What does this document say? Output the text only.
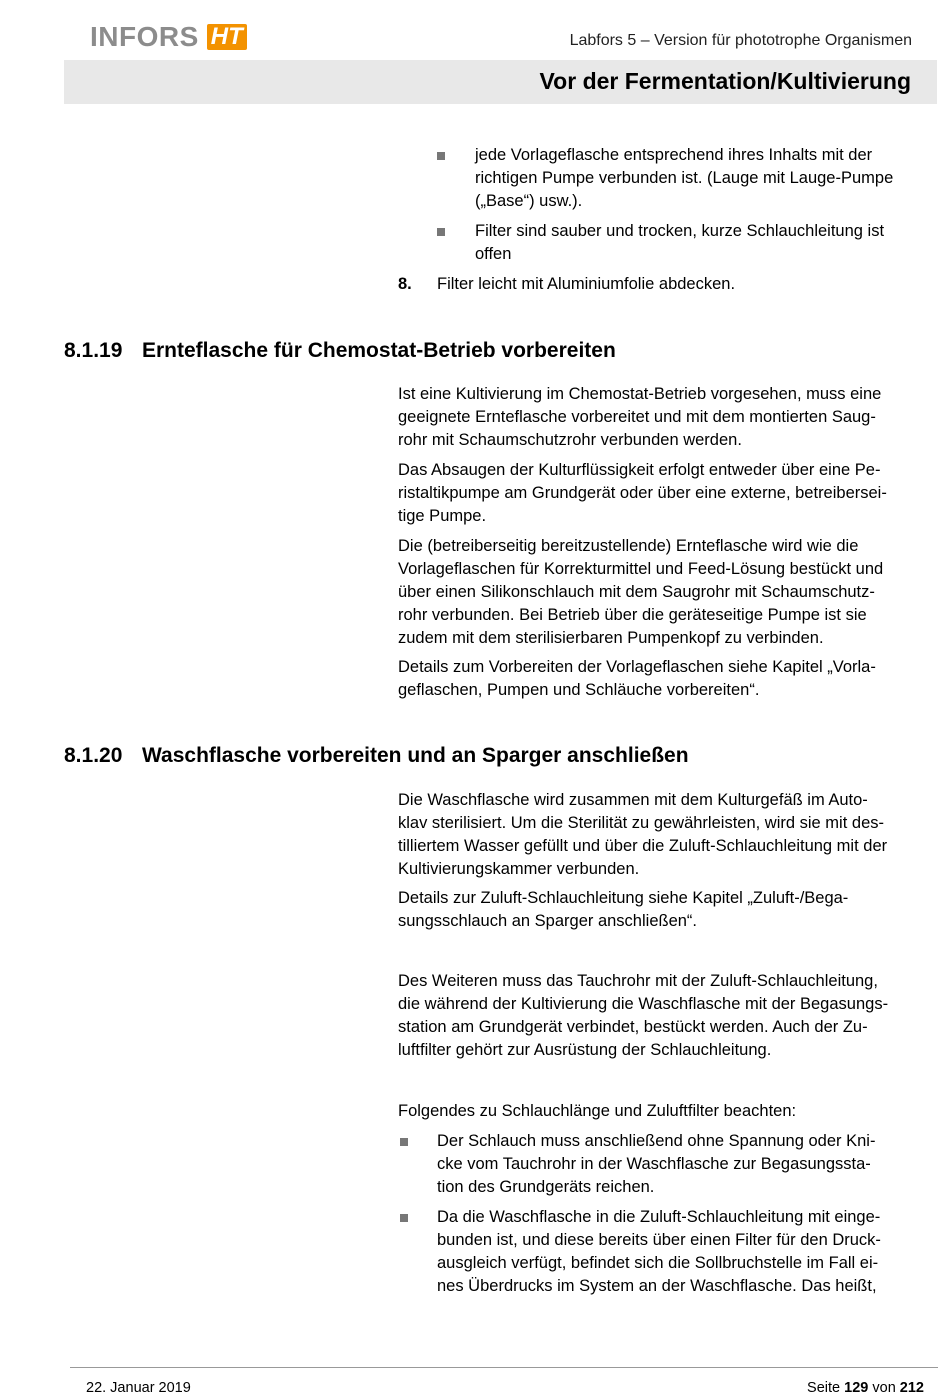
INFORS HT	Labfors 5 – Version für phototrophe Organismen
Vor der Fermentation/Kultivierung
jede Vorlageflasche entsprechend ihres Inhalts mit der
richtigen Pumpe verbunden ist. (Lauge mit Lauge-Pumpe
(„Base“) usw.).
Filter sind sauber und trocken, kurze Schlauchleitung ist
offen
8.	Filter leicht mit Aluminiumfolie abdecken.
8.1.19 Ernteflasche für Chemostat-Betrieb vorbereiten
Ist eine Kultivierung im Chemostat-Betrieb vorgesehen, muss eine
geeignete Ernteflasche vorbereitet und mit dem montierten Saug-
rohr mit Schaumschutzrohr verbunden werden.
Das Absaugen der Kulturflüssigkeit erfolgt entweder über eine Pe-
ristaltikpumpe am Grundgerät oder über eine externe, betreibersei-
tige Pumpe.
Die (betreiberseitig bereitzustellende) Ernteflasche wird wie die
Vorlageflaschen für Korrekturmittel und Feed-Lösung bestückt und
über einen Silikonschlauch mit dem Saugrohr mit Schaumschutz-
rohr verbunden. Bei Betrieb über die geräteseitige Pumpe ist sie
zudem mit dem sterilisierbaren Pumpenkopf zu verbinden.
Details zum Vorbereiten der Vorlageflaschen siehe Kapitel „Vorla-
geflaschen, Pumpen und Schläuche vorbereiten“.
8.1.20 Waschflasche vorbereiten und an Sparger anschließen
Die Waschflasche wird zusammen mit dem Kulturgefäß im Auto-
klav sterilisiert. Um die Sterilität zu gewährleisten, wird sie mit des-
tilliertem Wasser gefüllt und über die Zuluft-Schlauchleitung mit der
Kultivierungskammer verbunden.
Details zur Zuluft-Schlauchleitung siehe Kapitel „Zuluft-/Bega-
sungsschlauch an Sparger anschließen“.
Des Weiteren muss das Tauchrohr mit der Zuluft-Schlauchleitung,
die während der Kultivierung die Waschflasche mit der Begasungs-
station am Grundgerät verbindet, bestückt werden. Auch der Zu-
luftfilter gehört zur Ausrüstung der Schlauchleitung.
Folgendes zu Schlauchlänge und Zuluftfilter beachten:
Der Schlauch muss anschließend ohne Spannung oder Kni-
cke vom Tauchrohr in der Waschflasche zur Begasungssta-
tion des Grundgeräts reichen.
Da die Waschflasche in die Zuluft-Schlauchleitung mit einge-
bunden ist, und diese bereits über einen Filter für den Druck-
ausgleich verfügt, befindet sich die Sollbruchstelle im Fall ei-
nes Überdrucks im System an der Waschflasche. Das heißt,
22. Januar 2019	Seite 129 von 212
